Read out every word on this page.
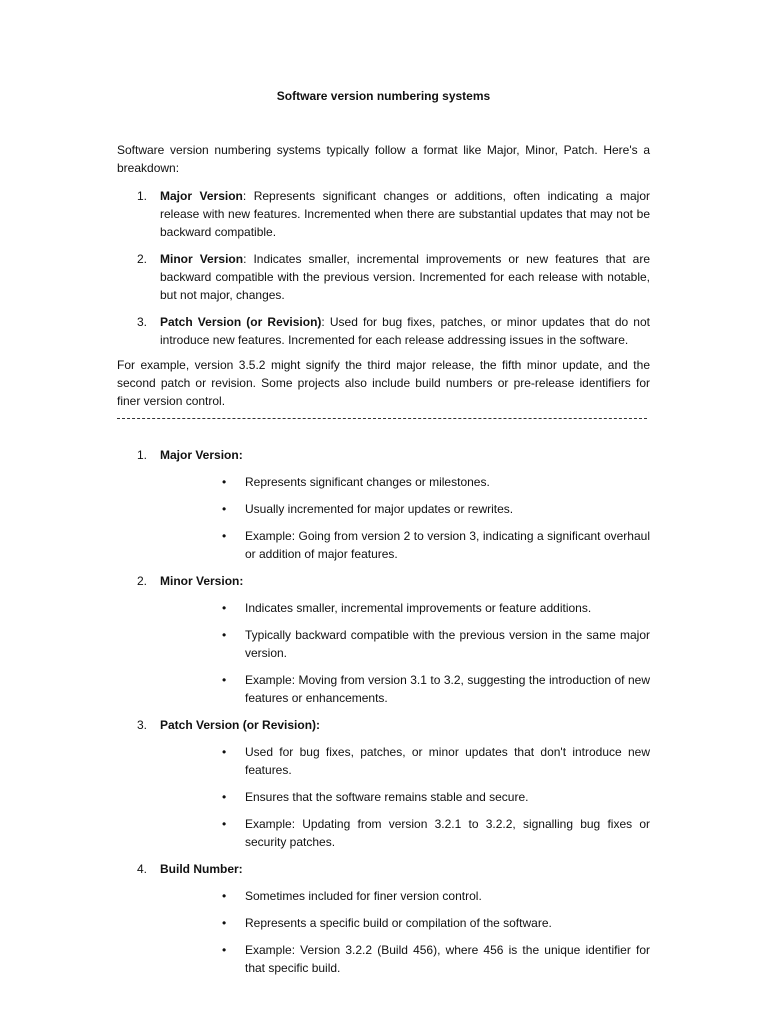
Software version numbering systems
Software version numbering systems typically follow a format like Major, Minor, Patch. Here's a breakdown:
1. Major Version: Represents significant changes or additions, often indicating a major release with new features. Incremented when there are substantial updates that may not be backward compatible.
2. Minor Version: Indicates smaller, incremental improvements or new features that are backward compatible with the previous version. Incremented for each release with notable, but not major, changes.
3. Patch Version (or Revision): Used for bug fixes, patches, or minor updates that do not introduce new features. Incremented for each release addressing issues in the software.
For example, version 3.5.2 might signify the third major release, the fifth minor update, and the second patch or revision. Some projects also include build numbers or pre-release identifiers for finer version control.
1. Major Version:
• Represents significant changes or milestones.
• Usually incremented for major updates or rewrites.
• Example: Going from version 2 to version 3, indicating a significant overhaul or addition of major features.
2. Minor Version:
• Indicates smaller, incremental improvements or feature additions.
• Typically backward compatible with the previous version in the same major version.
• Example: Moving from version 3.1 to 3.2, suggesting the introduction of new features or enhancements.
3. Patch Version (or Revision):
• Used for bug fixes, patches, or minor updates that don't introduce new features.
• Ensures that the software remains stable and secure.
• Example: Updating from version 3.2.1 to 3.2.2, signalling bug fixes or security patches.
4. Build Number:
• Sometimes included for finer version control.
• Represents a specific build or compilation of the software.
• Example: Version 3.2.2 (Build 456), where 456 is the unique identifier for that specific build.
